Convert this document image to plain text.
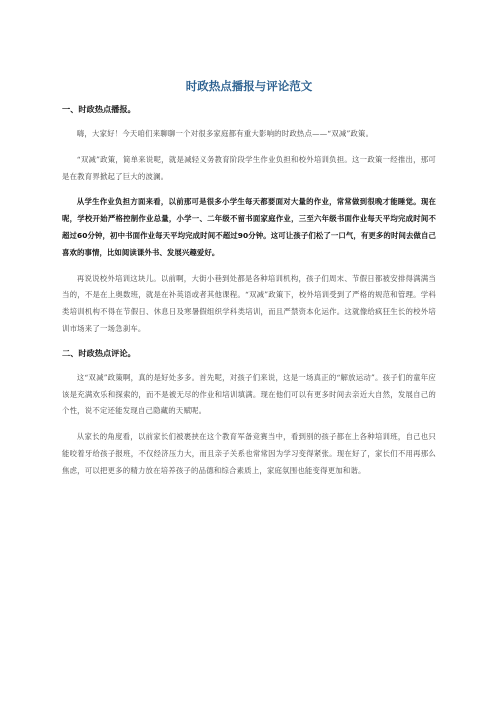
时政热点播报与评论范文
一、时政热点播报。

嗨，大家好！今天咱们来聊聊一个对很多家庭都有重大影响的时政热点——“双减”政策。

“双减”政策，简单来说呢，就是减轻义务教育阶段学生作业负担和校外培训负担。这一政策一经推出，那可是在教育界掀起了巨大的波澜。

从学生作业负担方面来看，以前那可是很多小学生每天都要面对大量的作业，常常做到很晚才能睡觉。现在呢，学校开始严格控制作业总量，小学一、二年级不留书面家庭作业，三至六年级书面作业每天平均完成时间不超过60分钟，初中书面作业每天平均完成时间不超过90分钟。这可让孩子们松了一口气，有更多的时间去做自己喜欢的事情，比如阅读课外书、发展兴趣爱好。

再说说校外培训这块儿。以前啊，大街小巷到处都是各种培训机构，孩子们周末、节假日都被安排得满满当当的，不是在上奥数班，就是在补英语或者其他课程。“双减”政策下，校外培训受到了严格的规范和管理。学科类培训机构不得在节假日、休息日及寒暑假组织学科类培训，而且严禁资本化运作。这就像给疯狂生长的校外培训市场来了一场急刹车。

二、时政热点评论。

这“双减”政策啊，真的是好处多多。首先呢，对孩子们来说，这是一场真正的“解放运动”。孩子们的童年应该是充满欢乐和探索的，而不是被无尽的作业和培训填满。现在他们可以有更多时间去亲近大自然，发展自己的个性，说不定还能发现自己隐藏的天赋呢。

从家长的角度看，以前家长们被裹挟在这个教育军备竞赛当中，看到别的孩子都在上各种培训班，自己也只能咬着牙给孩子报班，不仅经济压力大，而且亲子关系也常常因为学习变得紧张。现在好了，家长们不用再那么焦虑，可以把更多的精力放在培养孩子的品德和综合素质上，家庭氛围也能变得更加和谐。
